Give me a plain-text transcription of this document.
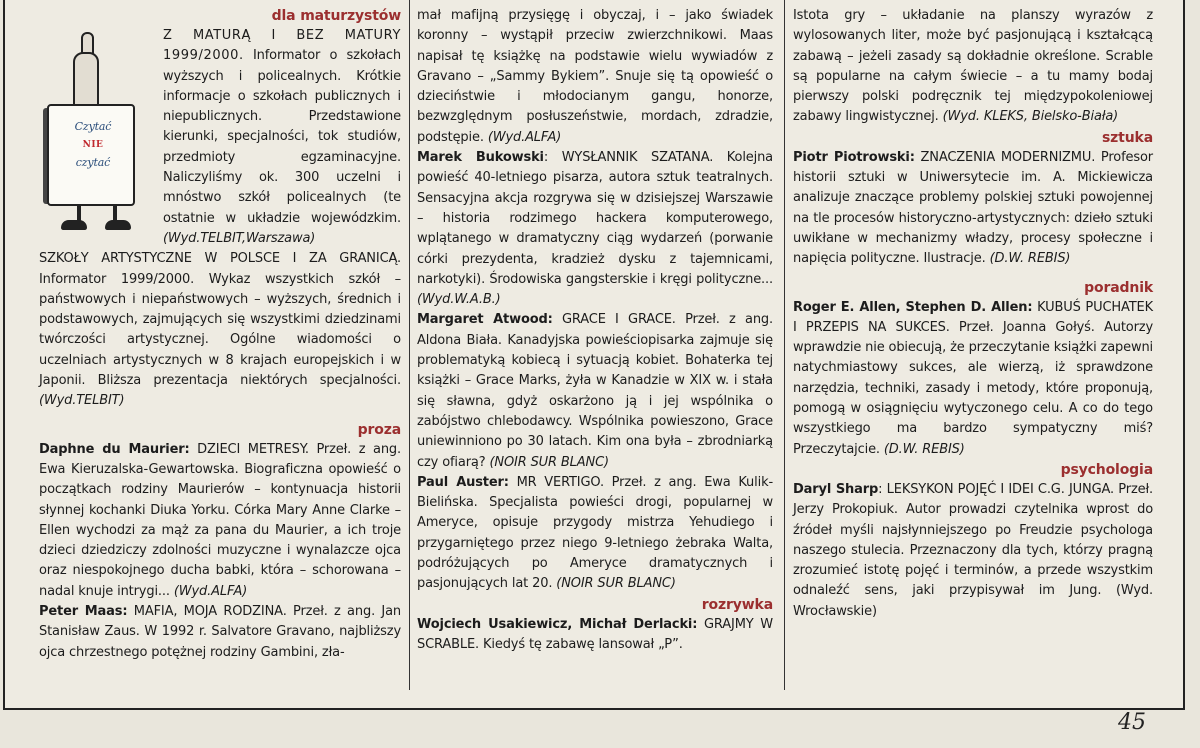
dla maturzystów
Czytać
NIE
czytać

Z MATURĄ I BEZ MATURY 1999/2000. Informator o szkołach wyższych i policealnych. Krótkie informacje o szkołach publicznych i niepublicznych. Przedstawione kierunki, specjalności, tok studiów, przedmioty egzaminacyjne. Naliczyliśmy ok. 300 uczelni i mnóstwo szkół policealnych (te ostatnie w układzie wojewódzkim. (Wyd.TELBIT,Warszawa)

SZKOŁY ARTYSTYCZNE W POLSCE I ZA GRANICĄ. Informator 1999/2000. Wykaz wszystkich szkół – państwowych i niepaństwowych – wyższych, średnich i podstawowych, zajmujących się wszystkimi dziedzinami twórczości artystycznej. Ogólne wiadomości o uczelniach artystycznych w 8 krajach europejskich i w Japonii. Bliższa prezentacja niektórych specjalności. (Wyd.TELBIT)

proza

Daphne du Maurier: DZIECI METRESY. Przeł. z ang. Ewa Kieruzalska-Gewartowska. Biograficzna opowieść o początkach rodziny Maurierów – kontynuacja historii słynnej kochanki Diuka Yorku. Córka Mary Anne Clarke – Ellen wychodzi za mąż za pana du Maurier, a ich troje dzieci dziedziczy zdolności muzyczne i wynalazcze ojca oraz niespokojnego ducha babki, która – schorowana – nadal knuje intrygi... (Wyd.ALFA)

Peter Maas: MAFIA, MOJA RODZINA. Przeł. z ang. Jan Stanisław Zaus. W 1992 r. Salvatore Gravano, najbliższy ojca chrzestnego potężnej rodziny Gambini, zła-

mał mafijną przysięgę i obyczaj, i – jako świadek koronny – wystąpił przeciw zwierzchnikowi. Maas napisał tę książkę na podstawie wielu wywiadów z Gravano – „Sammy Bykiem”. Snuje się tą opowieść o dzieciństwie i młodocianym gangu, honorze, bezwzględnym posłuszeństwie, mordach, zdradzie, podstępie. (Wyd.ALFA)

Marek Bukowski: WYSŁANNIK SZATANA. Kolejna powieść 40-letniego pisarza, autora sztuk teatralnych. Sensacyjna akcja rozgrywa się w dzisiejszej Warszawie – historia rodzimego hackera komputerowego, wplątanego w dramatyczny ciąg wydarzeń (porwanie córki prezydenta, kradzież dysku z tajemnicami, narkotyki). Środowiska gangsterskie i kręgi polityczne... (Wyd.W.A.B.)

Margaret Atwood: GRACE I GRACE. Przeł. z ang. Aldona Biała. Kanadyjska powieściopisarka zajmuje się problematyką kobiecą i sytuacją kobiet. Bohaterka tej książki – Grace Marks, żyła w Kanadzie w XIX w. i stała się sławna, gdyż oskarżono ją i jej wspólnika o zabójstwo chlebodawcy. Wspólnika powieszono, Grace uniewinniono po 30 latach. Kim ona była – zbrodniarką czy ofiarą? (NOIR SUR BLANC)

Paul Auster: MR VERTIGO. Przeł. z ang. Ewa Kulik-Bielińska. Specjalista powieści drogi, popularnej w Ameryce, opisuje przygody mistrza Yehudiego i przygarniętego przez niego 9-letniego żebraka Walta, podróżujących po Ameryce dramatycznych i pasjonujących lat 20. (NOIR SUR BLANC)

rozrywka

Wojciech Usakiewicz, Michał Derlacki: GRAJMY W SCRABLE. Kiedyś tę zabawę lansował „P”.

Istota gry – układanie na planszy wyrazów z wylosowanych liter, może być pasjonującą i kształcącą zabawą – jeżeli zasady są dokładnie określone. Scrable są popularne na całym świecie – a tu mamy bodaj pierwszy polski podręcznik tej międzypokoleniowej zabawy lingwistycznej. (Wyd. KLEKS, Bielsko-Biała)

sztuka

Piotr Piotrowski: ZNACZENIA MODERNIZMU. Profesor historii sztuki w Uniwersytecie im. A. Mickiewicza analizuje znaczące problemy polskiej sztuki powojennej na tle procesów historyczno-artystycznych: dzieło sztuki uwikłane w mechanizmy władzy, procesy społeczne i napięcia polityczne. Ilustracje. (D.W. REBIS)

poradnik

Roger E. Allen, Stephen D. Allen: KUBUŚ PUCHATEK I PRZEPIS NA SUKCES. Przeł. Joanna Gołyś. Autorzy wprawdzie nie obiecują, że przeczytanie książki zapewni natychmiastowy sukces, ale wierzą, iż sprawdzone narzędzia, techniki, zasady i metody, które proponują, pomogą w osiągnięciu wytyczonego celu. A co do tego wszystkiego ma bardzo sympatyczny miś? Przeczytajcie. (D.W. REBIS)

psychologia

Daryl Sharp: LEKSYKON POJĘĆ I IDEI C.G. JUNGA. Przeł. Jerzy Prokopiuk. Autor prowadzi czytelnika wprost do źródeł myśli najsłynniejszego po Freudzie psychologa naszego stulecia. Przeznaczony dla tych, którzy pragną zrozumieć istotę pojęć i terminów, a przede wszystkim odnaleźć sens, jaki przypisywał im Jung. (Wyd. Wrocławskie)

45
